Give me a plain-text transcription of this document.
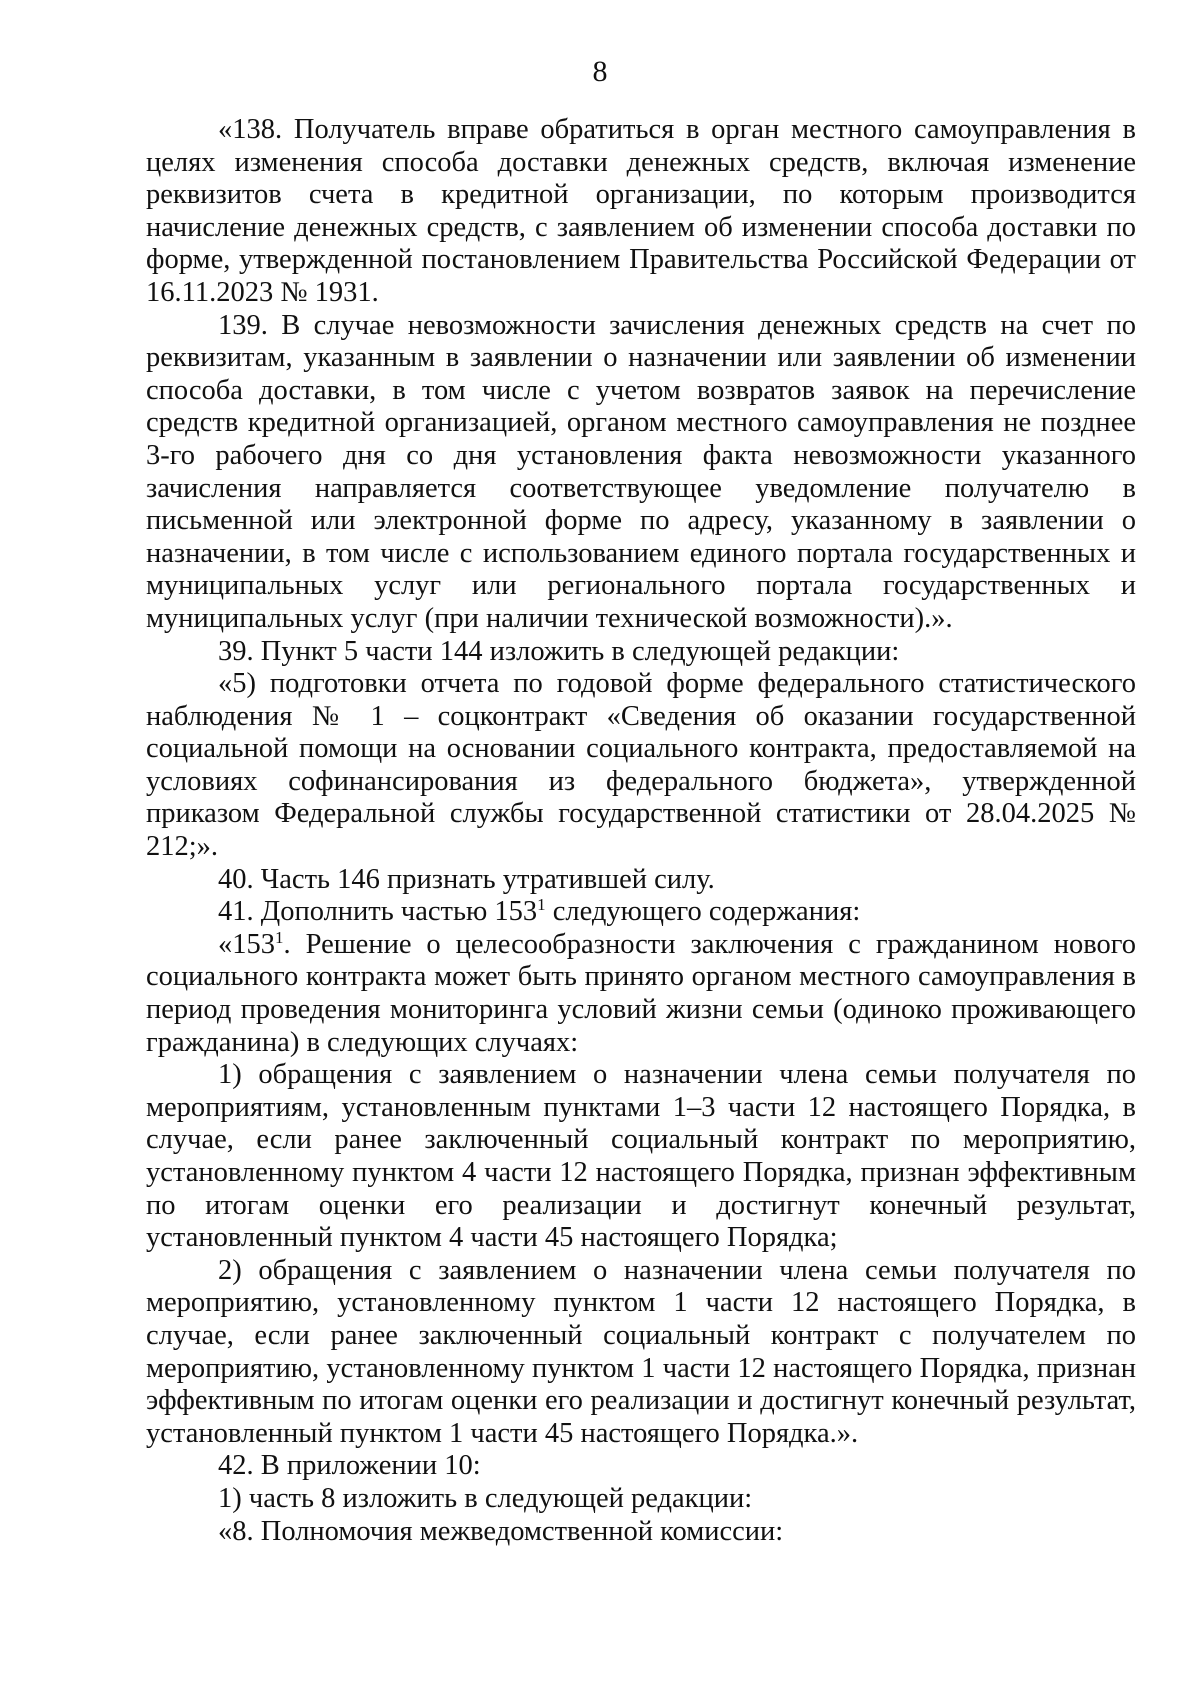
8

«138. Получатель вправе обратиться в орган местного самоуправления в целях изменения способа доставки денежных средств, включая изменение реквизитов счета в кредитной организации, по которым производится начисление денежных средств, с заявлением об изменении способа доставки по форме, утвержденной постановлением Правительства Российской Федерации от 16.11.2023 № 1931.

139. В случае невозможности зачисления денежных средств на счет по реквизитам, указанным в заявлении о назначении или заявлении об изменении способа доставки, в том числе с учетом возвратов заявок на перечисление средств кредитной организацией, органом местного самоуправления не позднее 3-го рабочего дня со дня установления факта невозможности указанного зачисления направляется соответствующее уведомление получателю в письменной или электронной форме по адресу, указанному в заявлении о назначении, в том числе с использованием единого портала государственных и муниципальных услуг или регионального портала государственных и муниципальных услуг (при наличии технической возможности).».

39. Пункт 5 части 144 изложить в следующей редакции:

«5) подготовки отчета по годовой форме федерального статистического наблюдения № 1 – соцконтракт «Сведения об оказании государственной социальной помощи на основании социального контракта, предоставляемой на условиях софинансирования из федерального бюджета», утвержденной приказом Федеральной службы государственной статистики от 28.04.2025 № 212;».

40. Часть 146 признать утратившей силу.

41. Дополнить частью $153^1$ следующего содержания:

«$153^1$. Решение о целесообразности заключения с гражданином нового социального контракта может быть принято органом местного самоуправления в период проведения мониторинга условий жизни семьи (одиноко проживающего гражданина) в следующих случаях:

1) обращения с заявлением о назначении члена семьи получателя по мероприятиям, установленным пунктами 1–3 части 12 настоящего Порядка, в случае, если ранее заключенный социальный контракт по мероприятию, установленному пунктом 4 части 12 настоящего Порядка, признан эффективным по итогам оценки его реализации и достигнут конечный результат, установленный пунктом 4 части 45 настоящего Порядка;

2) обращения с заявлением о назначении члена семьи получателя по мероприятию, установленному пунктом 1 части 12 настоящего Порядка, в случае, если ранее заключенный социальный контракт с получателем по мероприятию, установленному пунктом 1 части 12 настоящего Порядка, признан эффективным по итогам оценки его реализации и достигнут конечный результат, установленный пунктом 1 части 45 настоящего Порядка.».

42. В приложении 10:

1) часть 8 изложить в следующей редакции:

«8. Полномочия межведомственной комиссии:
